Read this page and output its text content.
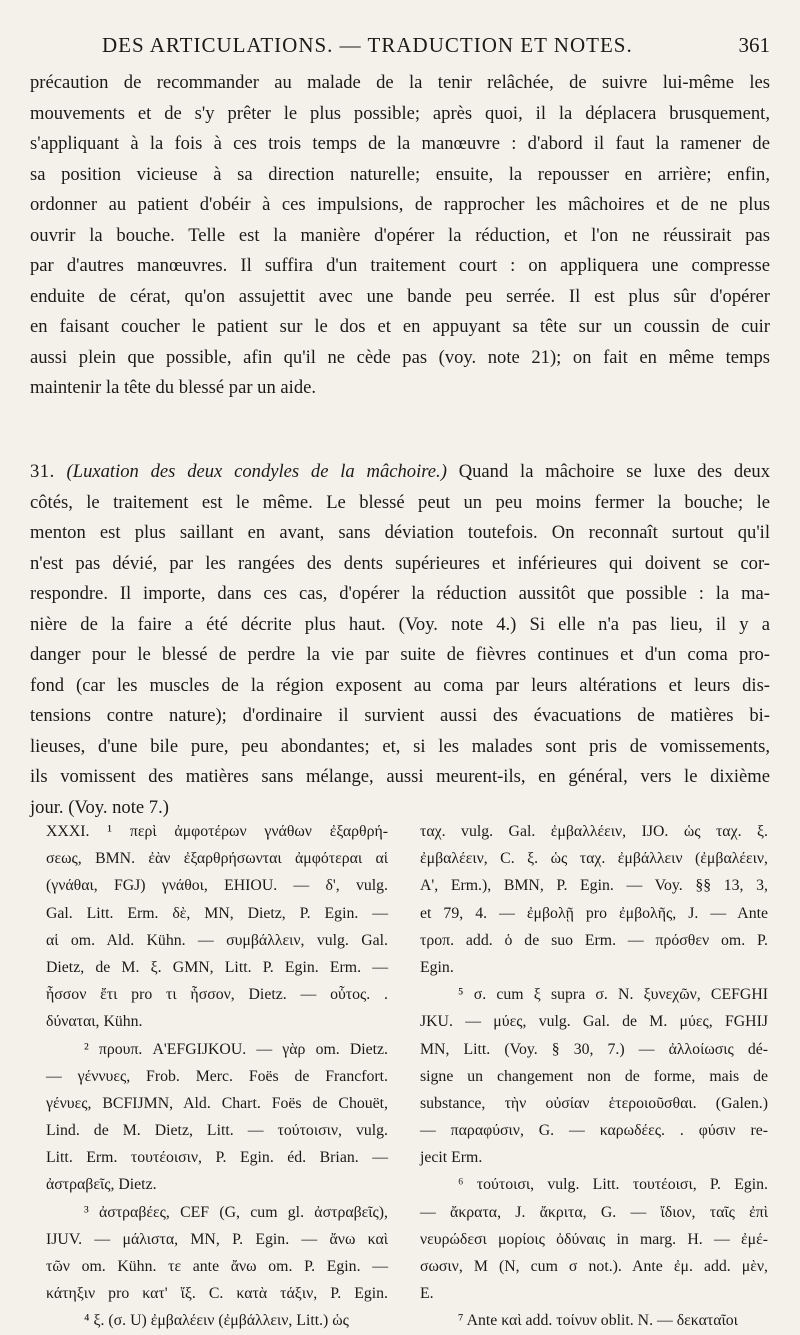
DES ARTICULATIONS. — TRADUCTION ET NOTES.	361
précaution de recommander au malade de la tenir relâchée, de suivre lui-même les
mouvements et de s'y prêter le plus possible; après quoi, il la déplacera brusquement,
s'appliquant à la fois à ces trois temps de la manœuvre : d'abord il faut la ramener de
sa position vicieuse à sa direction naturelle; ensuite, la repousser en arrière; enfin,
ordonner au patient d'obéir à ces impulsions, de rapprocher les mâchoires et de ne plus
ouvrir la bouche. Telle est la manière d'opérer la réduction, et l'on ne réussirait pas
par d'autres manœuvres. Il suffira d'un traitement court : on appliquera une compresse
enduite de cérat, qu'on assujettit avec une bande peu serrée. Il est plus sûr d'opérer
en faisant coucher le patient sur le dos et en appuyant sa tête sur un coussin de cuir
aussi plein que possible, afin qu'il ne cède pas (voy. note 21); on fait en même temps
maintenir la tête du blessé par un aide.
31. (Luxation des deux condyles de la mâchoire.) Quand la mâchoire se luxe des deux
côtés, le traitement est le même. Le blessé peut un peu moins fermer la bouche; le
menton est plus saillant en avant, sans déviation toutefois. On reconnaît surtout qu'il
n'est pas dévié, par les rangées des dents supérieures et inférieures qui doivent se cor-
respondre. Il importe, dans ces cas, d'opérer la réduction aussitôt que possible : la ma-
nière de la faire a été décrite plus haut. (Voy. note 4.) Si elle n'a pas lieu, il y a
danger pour le blessé de perdre la vie par suite de fièvres continues et d'un coma pro-
fond (car les muscles de la région exposent au coma par leurs altérations et leurs dis-
tensions contre nature); d'ordinaire il survient aussi des évacuations de matières bi-
lieuses, d'une bile pure, peu abondantes; et, si les malades sont pris de vomissements,
ils vomissent des matières sans mélange, aussi meurent-ils, en général, vers le dixième
jour. (Voy. note 7.)
XXXI. ¹ περὶ ἀμφοτέρων γνάθων ἐξαρθρή-
σεως, BMN. ἐὰν ἐξαρθρήσωνται ἀμφότεραι αἱ
(γνάθαι, FGJ) γνάθοι, EHIOU. — δ', vulg.
Gal. Litt. Erm. δὲ, MN, Dietz, P. Egin. —
αἱ om. Ald. Kühn. — συμβάλλειν, vulg. Gal.
Dietz, de M. ξ. GMN, Litt. P. Egin. Erm. —
ἧσσον ἔτι pro τι ἧσσον, Dietz. — οὗτος. .
δύναται, Kühn.
² προυπ. A'EFGIJKOU. — γὰρ om. Dietz.
— γέννυες, Frob. Merc. Foës de Francfort.
γένυες, BCFIJMN, Ald. Chart. Foës de Chouët,
Lind. de M. Dietz, Litt. — τούτοισιν, vulg.
Litt. Erm. τουτέοισιν, P. Egin. éd. Brian. —
ἀστραβεῖς, Dietz.
³ ἀστραβέες, CEF (G, cum gl. ἀστραβεῖς),
IJUV. — μάλιστα, MN, P. Egin. — ἄνω καὶ
τῶν om. Kühn. τε ante ἄνω om. P. Egin. —
κάτηξιν pro κατ' ἴξ. C. κατὰ τάξιν, P. Egin.
⁴ ξ. (σ. U) ἐμβαλέειν (ἐμβάλλειν, Litt.) ὡς
ταχ. vulg. Gal. ἐμβαλλέειν, IJO. ὡς ταχ. ξ.
ἐμβαλέειν, C. ξ. ὡς ταχ. ἐμβάλλειν (ἐμβαλέειν,
A', Erm.), BMN, P. Egin. — Voy. §§ 13, 3,
et 79, 4. — ἐμβολῇ pro ἐμβολῆς, J. — Ante
τροπ. add. ὁ de suo Erm. — πρόσθεν om. P.
Egin.
⁵ σ. cum ξ supra σ. N. ξυνεχῶν, CEFGHI
JKU. — μύες, vulg. Gal. de M. μύες, FGHIJ
MN, Litt. (Voy. § 30, 7.) — ἀλλοίωσις dé-
signe un changement non de forme, mais de
substance, τὴν οὐσίαν ἑτεροιοῦσθαι. (Galen.)
— παραφύσιν, G. — καρωδέες. . φύσιν re-
jecit Erm.
⁶ τούτοισι, vulg. Litt. τουτέοισι, P. Egin.
— ἄκρατα, J. ἄκριτα, G. — ἴδιον, ταῖς ἐπὶ
νευρώδεσι μορίοις ὀδύναις in marg. H. — ἐμέ-
σωσιν, M (N, cum σ not.). Ante ἐμ. add. μὲν,
E.
⁷ Ante καὶ add. τοίνυν oblit. N. — δεκαταῖοι
